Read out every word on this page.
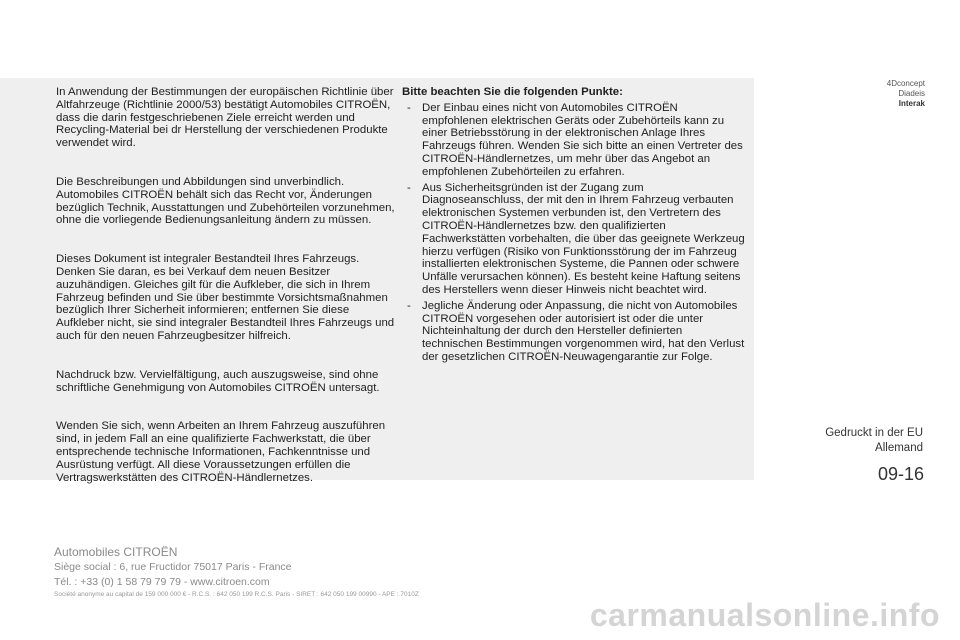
4Dconcept
Diadeis
Interak

In Anwendung der Bestimmungen der europäischen Richtlinie über Altfahrzeuge (Richtlinie 2000/53) bestätigt Automobiles CITROËN, dass die darin festgeschriebenen Ziele erreicht werden und Recycling-Material bei dr Herstellung der verschiedenen Produkte verwendet wird.

Die Beschreibungen und Abbildungen sind unverbindlich. Automobiles CITROËN behält sich das Recht vor, Änderungen bezüglich Technik, Ausstattungen und Zubehörteilen vorzunehmen, ohne die vorliegende Bedienungsanleitung ändern zu müssen.

Dieses Dokument ist integraler Bestandteil Ihres Fahrzeugs. Denken Sie daran, es bei Verkauf dem neuen Besitzer auzuhändigen. Gleiches gilt für die Aufkleber, die sich in Ihrem Fahrzeug befinden und Sie über bestimmte Vorsichtsmaßnahmen bezüglich Ihrer Sicherheit informieren; entfernen Sie diese Aufkleber nicht, sie sind integraler Bestandteil Ihres Fahrzeugs und auch für den neuen Fahrzeugbesitzer hilfreich.

Nachdruck bzw. Vervielfältigung, auch auszugsweise, sind ohne schriftliche Genehmigung von Automobiles CITROËN untersagt.

Wenden Sie sich, wenn Arbeiten an Ihrem Fahrzeug auszuführen sind, in jedem Fall an eine qualifizierte Fachwerkstatt, die über entsprechende technische Informationen, Fachkenntnisse und Ausrüstung verfügt. All diese Voraussetzungen erfüllen die Vertragswerkstätten des CITROËN-Händlernetzes.

Bitte beachten Sie die folgenden Punkte:
- Der Einbau eines nicht von Automobiles CITROËN empfohlenen elektrischen Geräts oder Zubehörteils kann zu einer Betriebsstörung in der elektronischen Anlage Ihres Fahrzeugs führen. Wenden Sie sich bitte an einen Vertreter des CITROËN-Händlernetzes, um mehr über das Angebot an empfohlenen Zubehörteilen zu erfahren.
- Aus Sicherheitsgründen ist der Zugang zum Diagnoseanschluss, der mit den in Ihrem Fahrzeug verbauten elektronischen Systemen verbunden ist, den Vertretern des CITROËN-Händlernetzes bzw. den qualifizierten Fachwerkstätten vorbehalten, die über das geeignete Werkzeug hierzu verfügen (Risiko von Funktionsstörung der im Fahrzeug installierten elektronischen Systeme, die Pannen oder schwere Unfälle verursachen können). Es besteht keine Haftung seitens des Herstellers wenn dieser Hinweis nicht beachtet wird.
- Jegliche Änderung oder Anpassung, die nicht von Automobiles CITROËN vorgesehen oder autorisiert ist oder die unter Nichteinhaltung der durch den Hersteller definierten technischen Bestimmungen vorgenommen wird, hat den Verlust der gesetzlichen CITROËN-Neuwagengarantie zur Folge.
Gedruckt in der EU
Allemand
09-16
Automobiles CITROËN
Siège social : 6, rue Fructidor 75017 Paris - France
Tél. : +33 (0) 1 58 79 79 79 - www.citroen.com
Société anonyme au capital de 159 000 000 € - R.C.S. : 642 050 199 R.C.S. Paris - SIRET : 642 050 199 00990 - APE : 7010Z
carmanualsonline.info
